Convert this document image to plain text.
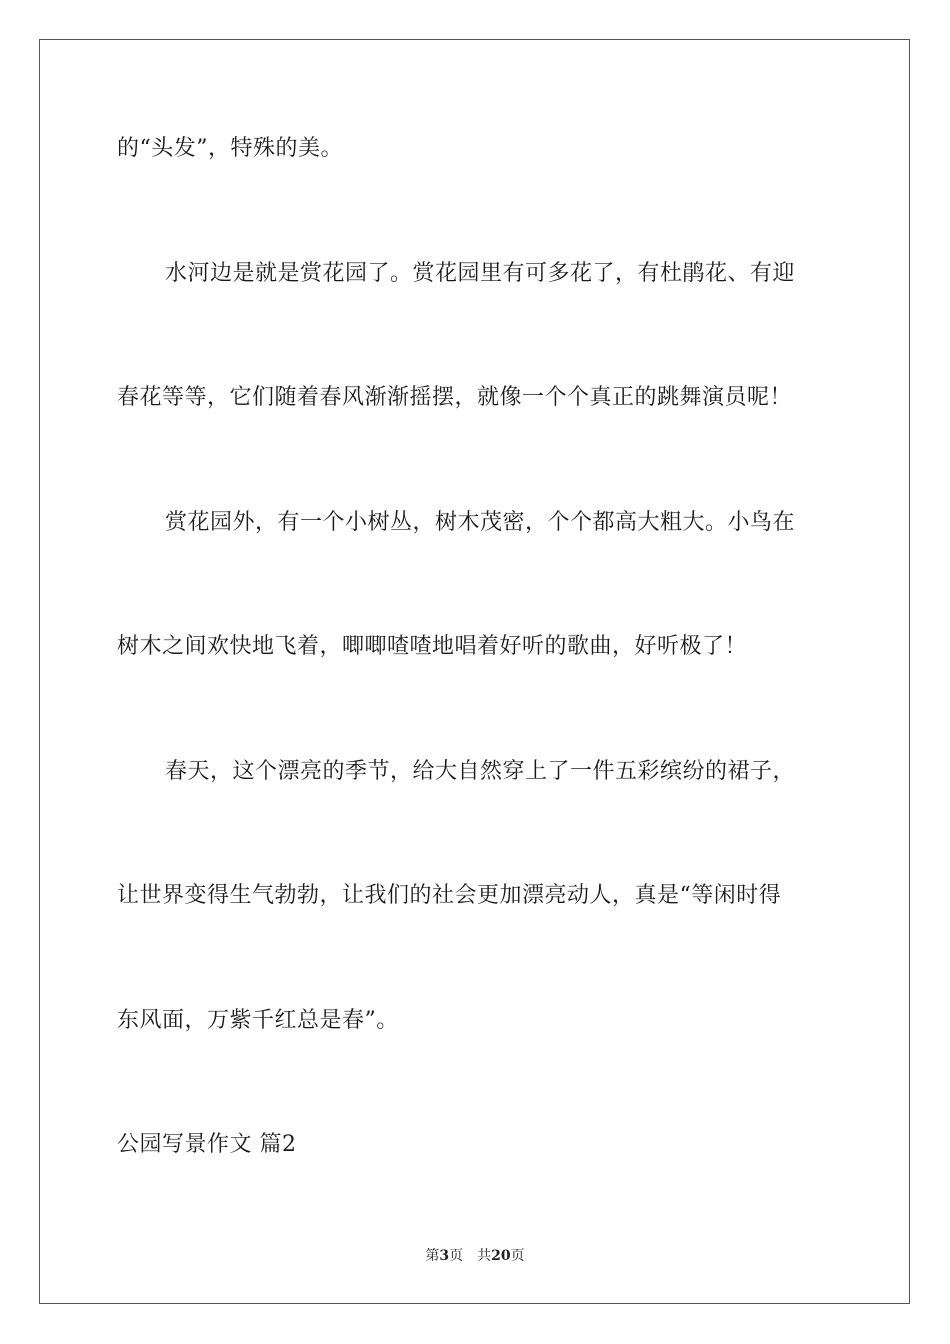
的“头发”，特殊的美。
水河边是就是赏花园了。赏花园里有可多花了，有杜鹃花、有迎
春花等等，它们随着春风渐渐摇摆，就像一个个真正的跳舞演员呢！
赏花园外，有一个小树丛，树木茂密，个个都高大粗大。小鸟在
树木之间欢快地飞着，唧唧喳喳地唱着好听的歌曲，好听极了！
春天，这个漂亮的季节，给大自然穿上了一件五彩缤纷的裙子，
让世界变得生气勃勃，让我们的社会更加漂亮动人，真是“等闲时得
东风面，万紫千红总是春”。
公园写景作文 篇2
第3页 共20页
